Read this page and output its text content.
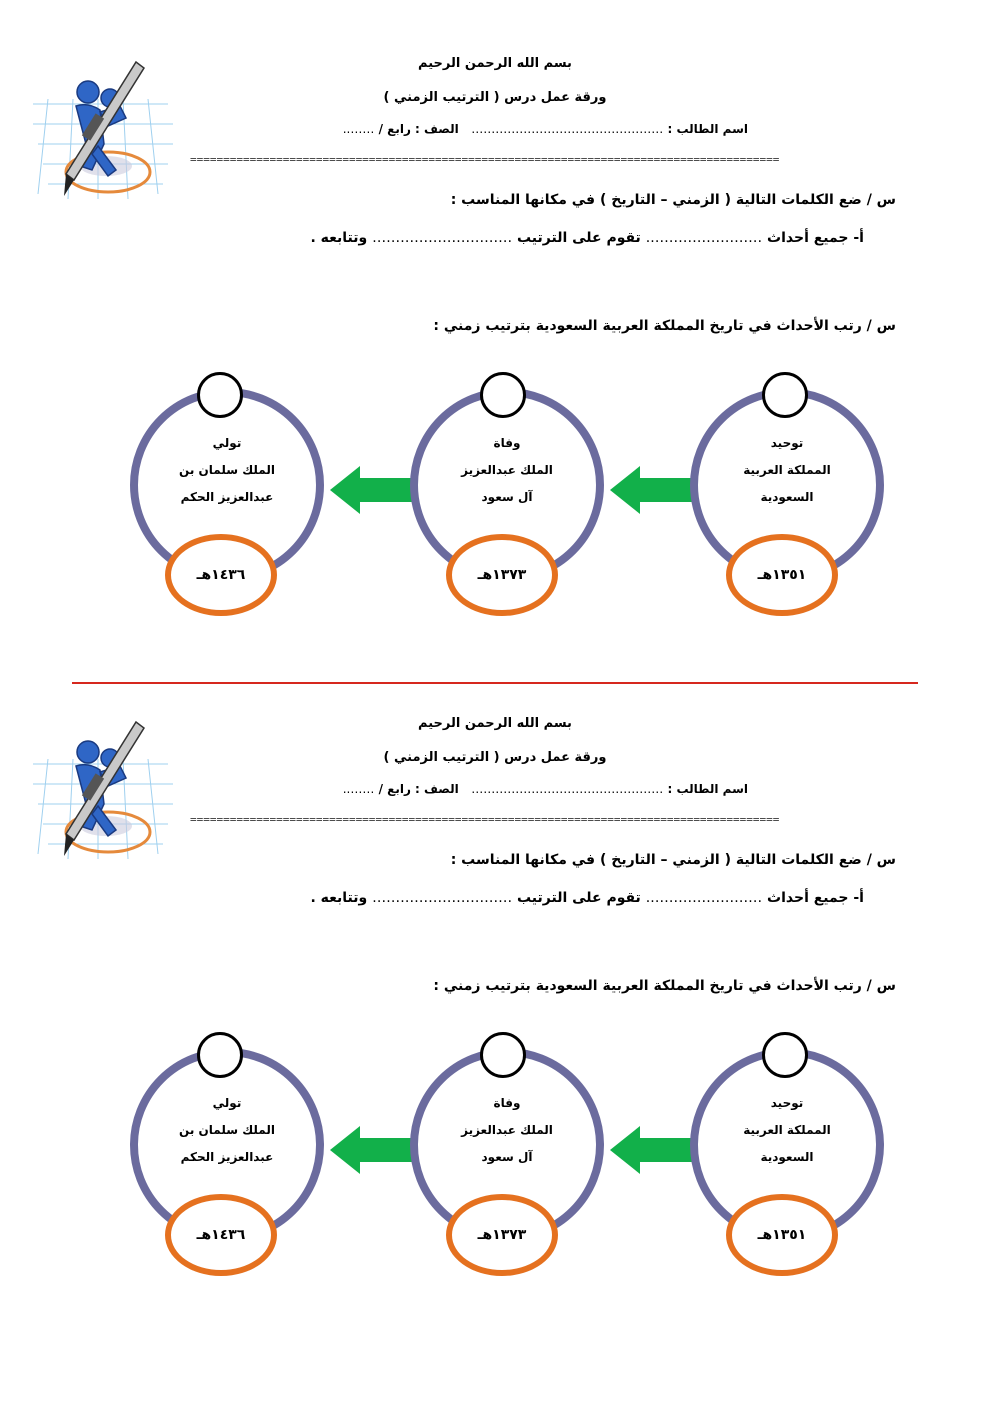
بسم الله الرحمن الرحيم
ورقة عمل درس ( الترتيب الزمني )
اسم الطالب : …………………………………………   الصف : رابع / ……..
=========================================================================================
س / ضع الكلمات التالية ( الزمني – التاريخ ) في مكانها المناسب :
أ- جميع أحداث ……………………. تقوم على الترتيب ………………………… وتتابعه .
س / رتب الأحداث في تاريخ المملكة العربية السعودية بترتيب زمني :
تولي
الملك سلمان بن
عبدالعزيز الحكم
١٤٣٦هـ
وفاة
الملك عبدالعزيز
آل سعود
١٣٧٣هـ
توحيد
المملكة العربية
السعودية
١٣٥١هـ
بسم الله الرحمن الرحيم
ورقة عمل درس ( الترتيب الزمني )
اسم الطالب : …………………………………………   الصف : رابع / ……..
=========================================================================================
س / ضع الكلمات التالية ( الزمني – التاريخ ) في مكانها المناسب :
أ- جميع أحداث ……………………. تقوم على الترتيب ………………………… وتتابعه .
س / رتب الأحداث في تاريخ المملكة العربية السعودية بترتيب زمني :
تولي
الملك سلمان بن
عبدالعزيز الحكم
١٤٣٦هـ
وفاة
الملك عبدالعزيز
آل سعود
١٣٧٣هـ
توحيد
المملكة العربية
السعودية
١٣٥١هـ
